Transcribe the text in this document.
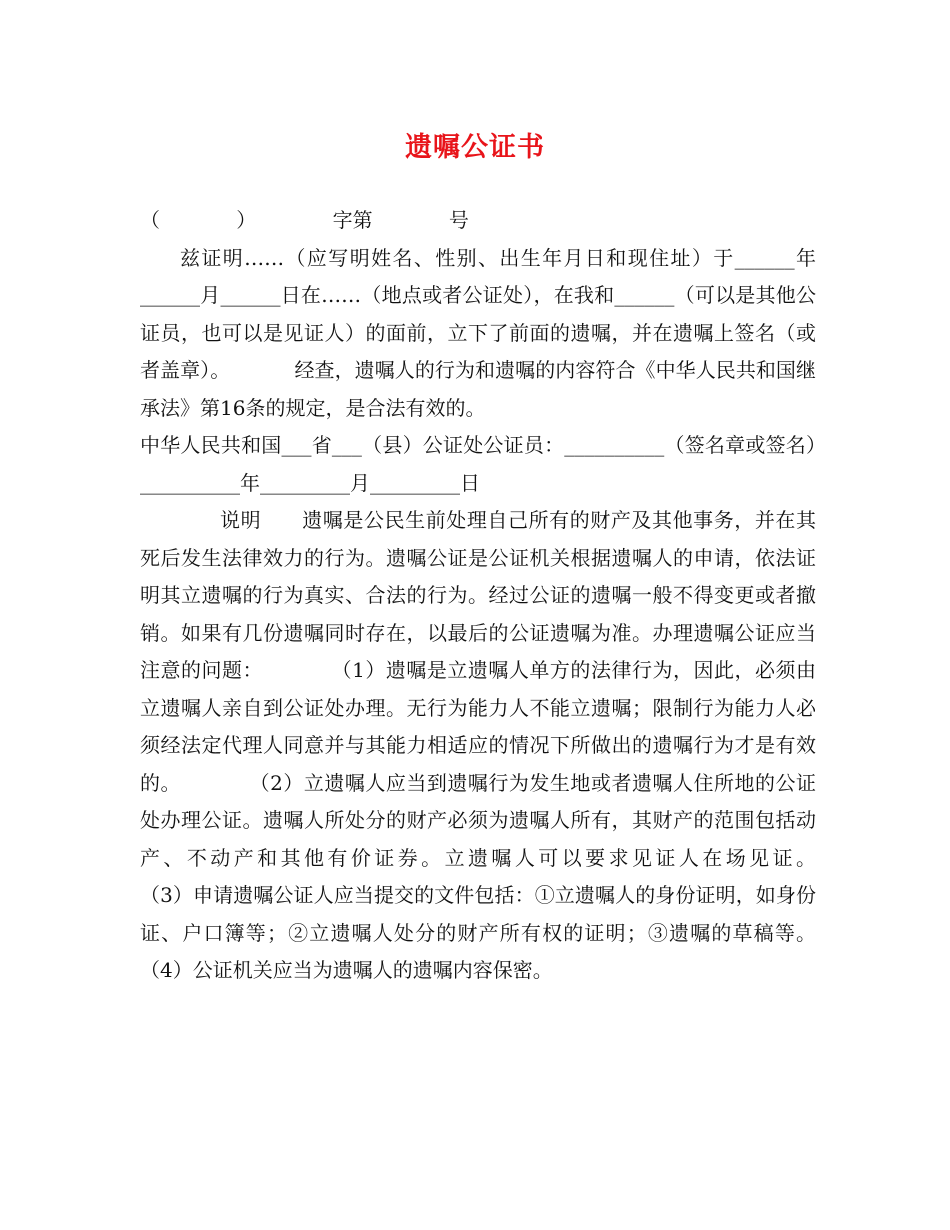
遗嘱公证书
（            ）            字第            号

兹证明……（应写明姓名、性别、出生年月日和现住址）于______年______月______日在……（地点或者公证处），在我和______（可以是其他公证员，也可以是见证人）的面前，立下了前面的遗嘱，并在遗嘱上签名（或者盖章）。          经查，遗嘱人的行为和遗嘱的内容符合《中华人民共和国继承法》第16条的规定，是合法有效的。

中华人民共和国___省___（县）公证处公证员：__________（签名章或签名）__________年_________月_________日

说明　　遗嘱是公民生前处理自己所有的财产及其他事务，并在其死后发生法律效力的行为。遗嘱公证是公证机关根据遗嘱人的申请，依法证明其立遗嘱的行为真实、合法的行为。经过公证的遗嘱一般不得变更或者撤销。如果有几份遗嘱同时存在，以最后的公证遗嘱为准。办理遗嘱公证应当注意的问题：          （1）遗嘱是立遗嘱人单方的法律行为，因此，必须由立遗嘱人亲自到公证处办理。无行为能力人不能立遗嘱；限制行为能力人必须经法定代理人同意并与其能力相适应的情况下所做出的遗嘱行为才是有效的。          （2）立遗嘱人应当到遗嘱行为发生地或者遗嘱人住所地的公证处办理公证。遗嘱人所处分的财产必须为遗嘱人所有，其财产的范围包括动产、不动产和其他有价证券。立遗嘱人可以要求见证人在场见证。          （3）申请遗嘱公证人应当提交的文件包括：①立遗嘱人的身份证明，如身份证、户口簿等；②立遗嘱人处分的财产所有权的证明；③遗嘱的草稿等。          （4）公证机关应当为遗嘱人的遗嘱内容保密。
